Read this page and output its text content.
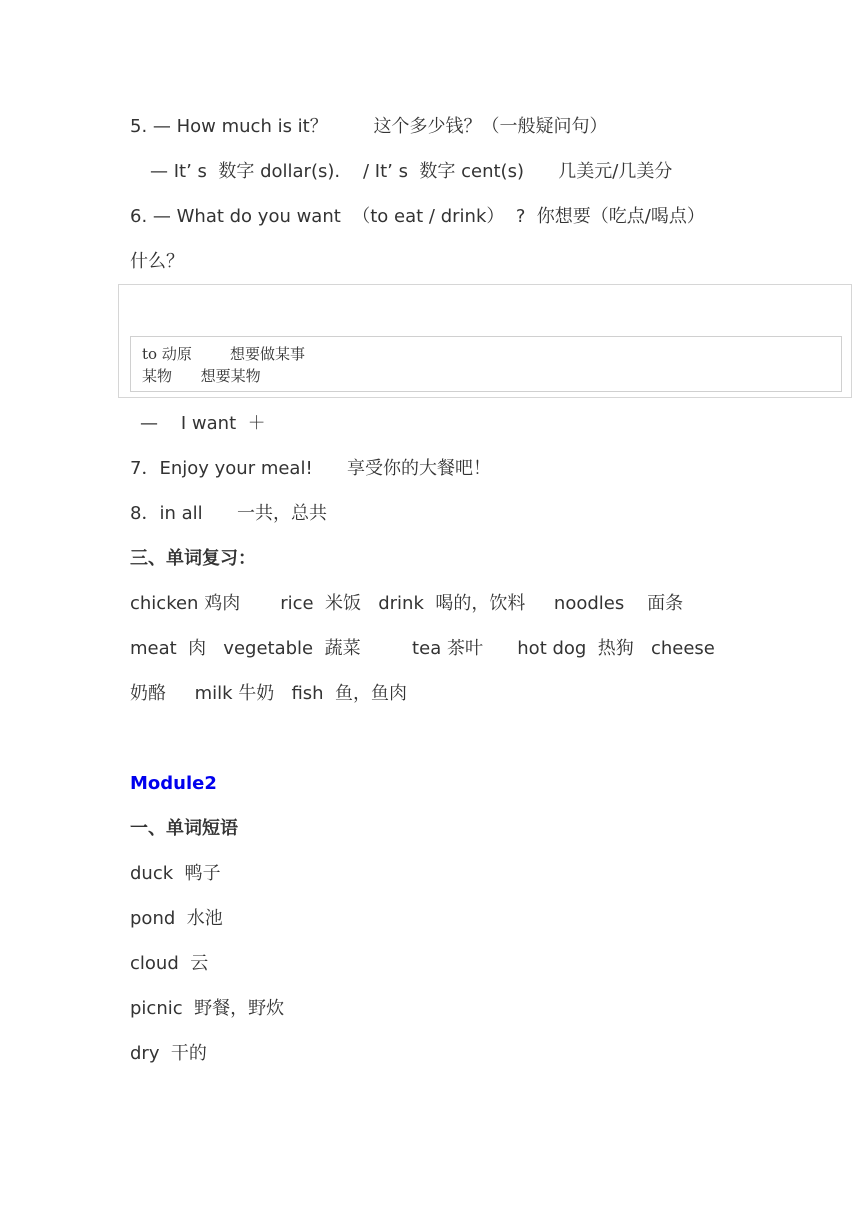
5. — How much is it？        这个多少钱？（一般疑问句）
— It’ s  数字 dollar(s).    / It’ s  数字 cent(s)      几美元/几美分
6. — What do you want  （to eat / drink）  ?  你想要（吃点/喝点）
什么？
to 动原        想要做某事
某物      想要某物
—    I want  ＋
7．Enjoy your meal!      享受你的大餐吧！
8．in all      一共，总共
三、单词复习：
chicken 鸡肉       rice  米饭   drink  喝的，饮料     noodles    面条
meat  肉   vegetable  蔬菜         tea 茶叶      hot dog  热狗   cheese
奶酪     milk 牛奶   fish  鱼，鱼肉
Module2
一、单词短语
duck  鸭子
pond  水池
cloud  云
picnic  野餐，野炊
dry  干的
